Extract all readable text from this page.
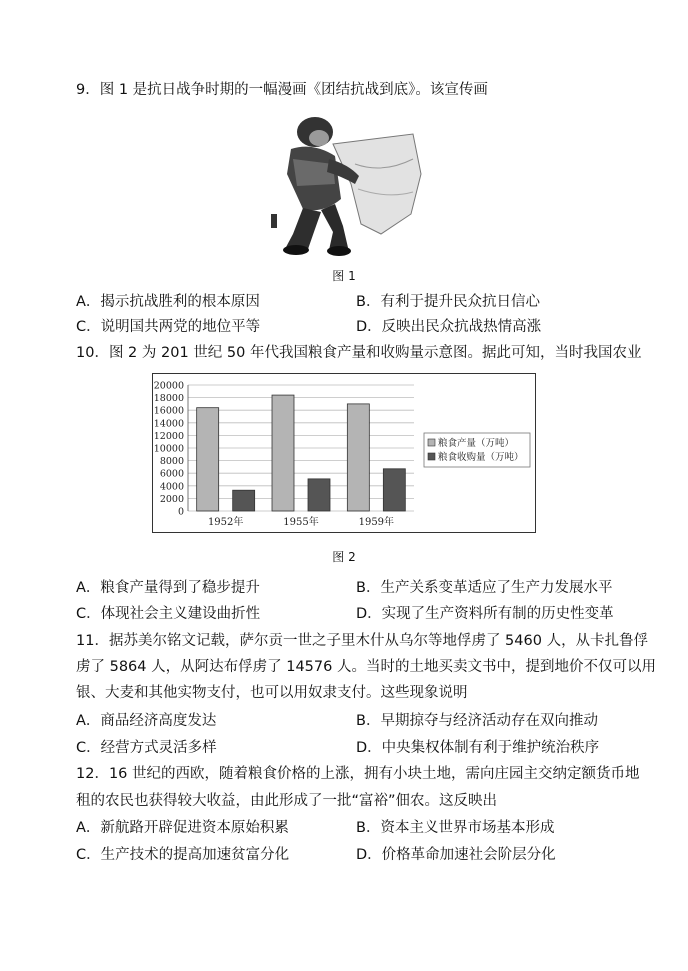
9．图 1 是抗日战争时期的一幅漫画《团结抗战到底》。该宣传画
图 1
A．揭示抗战胜利的根本原因	B．有利于提升民众抗日信心
C．说明国共两党的地位平等	D．反映出民众抗战热情高涨
10．图 2 为 201 世纪 50 年代我国粮食产量和收购量示意图。据此可知，当时我国农业
0
2000
4000
6000
8000
10000
12000
14000
16000
18000
20000
1952年	1955年	1959年
粮食产量（万吨）
粮食收购量（万吨）
图 2
A．粮食产量得到了稳步提升	B．生产关系变革适应了生产力发展水平
C．体现社会主义建设曲折性	D．实现了生产资料所有制的历史性变革
11．据苏美尔铭文记载，萨尔贡一世之子里木什从乌尔等地俘虏了 5460 人，从卡扎鲁俘
虏了 5864 人，从阿达布俘虏了 14576 人。当时的土地买卖文书中，提到地价不仅可以用
银、大麦和其他实物支付，也可以用奴隶支付。这些现象说明
A．商品经济高度发达	B．早期掠夺与经济活动存在双向推动
C．经营方式灵活多样	D．中央集权体制有利于维护统治秩序
12．16 世纪的西欧，随着粮食价格的上涨，拥有小块土地，需向庄园主交纳定额货币地
租的农民也获得较大收益，由此形成了一批“富裕”佃农。这反映出
A．新航路开辟促进资本原始积累	B．资本主义世界市场基本形成
C．生产技术的提高加速贫富分化	D．价格革命加速社会阶层分化
